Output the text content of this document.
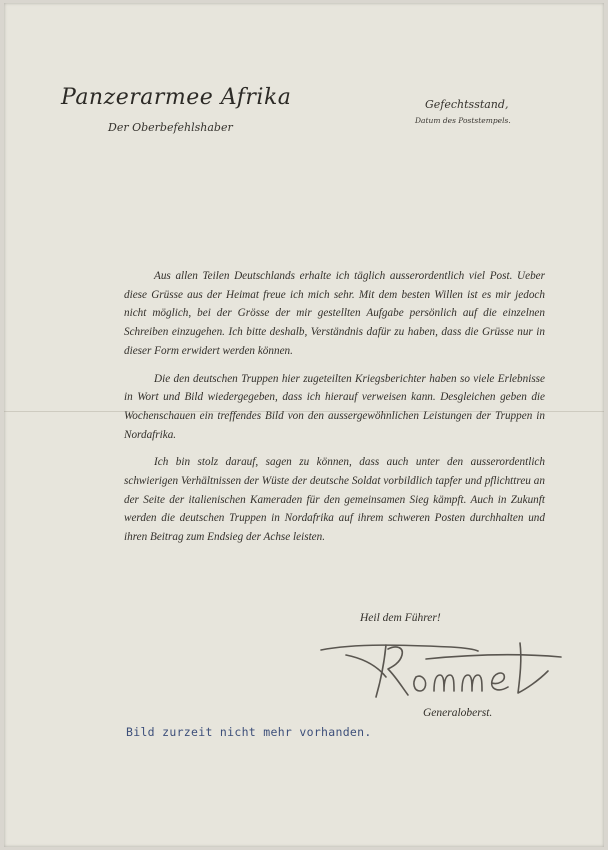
Panzerarmee Afrika
Der Oberbefehlshaber
Gefechtsstand,
Datum des Poststempels.

Aus allen Teilen Deutschlands erhalte ich täglich ausserordentlich viel Post. Ueber diese Grüsse aus der Heimat freue ich mich sehr. Mit dem besten Willen ist es mir jedoch nicht möglich, bei der Grösse der mir gestellten Aufgabe persönlich auf die einzelnen Schreiben einzugehen. Ich bitte deshalb, Verständnis dafür zu haben, dass die Grüsse nur in dieser Form erwidert werden können.

Die den deutschen Truppen hier zugeteilten Kriegsberichter haben so viele Erlebnisse in Wort und Bild wiedergegeben, dass ich hierauf verweisen kann. Desgleichen geben die Wochenschauen ein treffendes Bild von den aussergewöhnlichen Leistungen der Truppen in Nordafrika.

Ich bin stolz darauf, sagen zu können, dass auch unter den ausserordentlich schwierigen Verhältnissen der Wüste der deutsche Soldat vorbildlich tapfer und pflichttreu an der Seite der italienischen Kameraden für den gemeinsamen Sieg kämpft. Auch in Zukunft werden die deutschen Truppen in Nordafrika auf ihrem schweren Posten durchhalten und ihren Beitrag zum Endsieg der Achse leisten.

Heil dem Führer!
Generaloberst.
Bild zurzeit nicht mehr vorhanden.
